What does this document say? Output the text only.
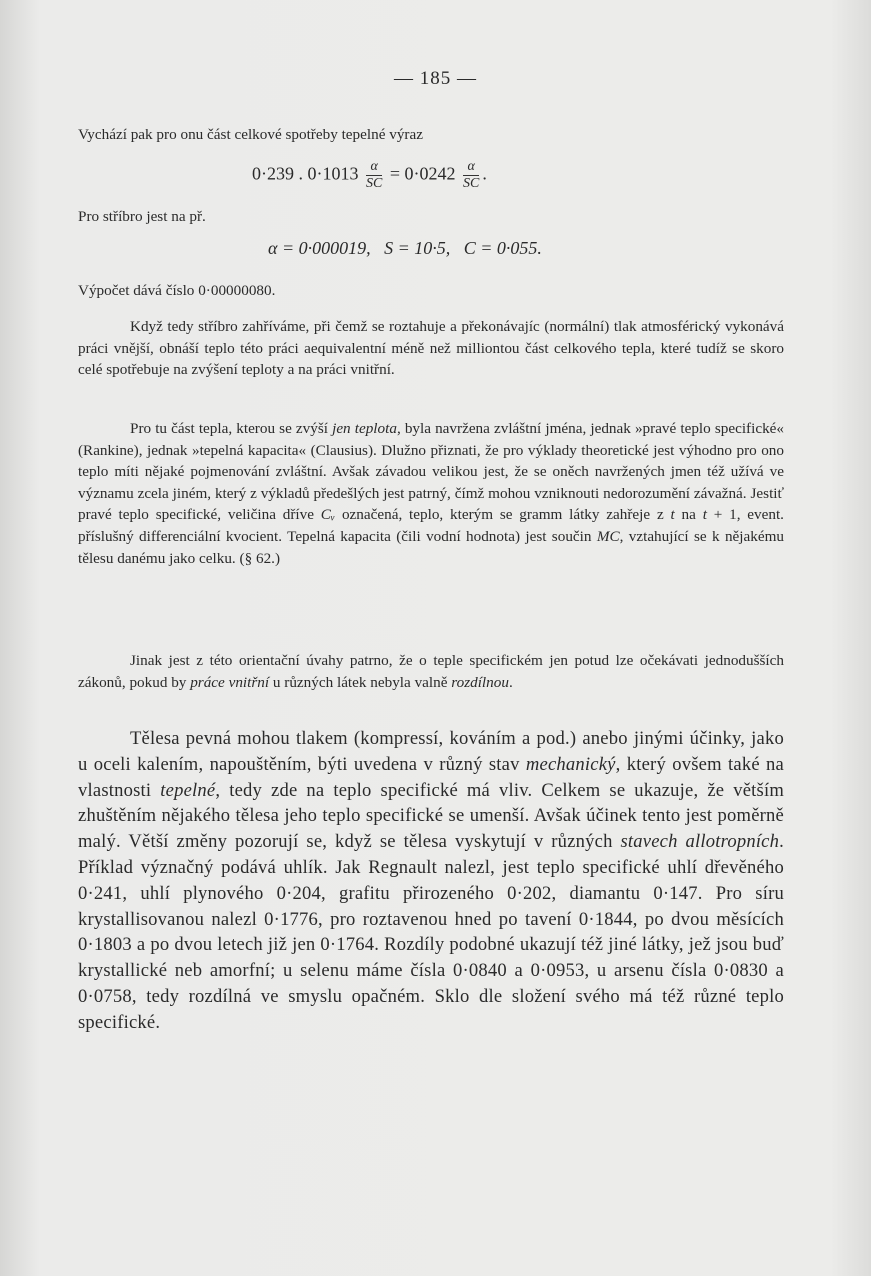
— 185 —

Vychází pak pro onu část celkové spotřeby tepelné výraz

0·239 . $0\cdot 1013 \frac{\alpha}{SC} = 0\cdot 0242 \frac{\alpha}{SC}$ .

Pro stříbro jest na př.

α = 0·000019,   S = 10·5,   C = 0·055.

Výpočet dává číslo 0·00000080.

Když tedy stříbro zahříváme, při čemž se roztahuje a překonávajíc (normální) tlak atmosférický vykonává práci vnější, obnáší teplo této práci aequivalentní méně než milliontou část celkového tepla, které tudíž se skoro celé spotřebuje na zvýšení teploty a na práci vnitřní.

Pro tu část tepla, kterou se zvýší jen teplota, byla navržena zvláštní jména, jednak »pravé teplo specifické« (Rankine), jednak »tepelná kapacita« (Clausius). Dlužno přiznati, že pro výklady theoretické jest výhodno pro ono teplo míti nějaké pojmenování zvláštní. Avšak závadou velikou jest, že se oněch navržených jmen též užívá ve významu zcela jiném, který z výkladů předešlých jest patrný, čímž mohou vzniknouti nedorozumění závažná. Jestiť pravé teplo specifické, veličina dříve Cᵥ označená, teplo, kterým se gramm látky zahřeje z t na t + 1, event. příslušný differenciální kvocient. Tepelná kapacita (čili vodní hodnota) jest součin MC, vztahující se k nějakému tělesu danému jako celku. (§ 62.)

Jinak jest z této orientační úvahy patrno, že o teple specifickém jen potud lze očekávati jednodušších zákonů, pokud by práce vnitřní u různých látek nebyla valně rozdílnou.

Tělesa pevná mohou tlakem (kompressí, kováním a pod.) anebo jinými účinky, jako u oceli kalením, napouštěním, býti uvedena v různý stav mechanický, který ovšem také na vlastnosti tepelné, tedy zde na teplo specifické má vliv. Celkem se ukazuje, že větším zhuštěním nějakého tělesa jeho teplo specifické se umenší. Avšak účinek tento jest poměrně malý. Větší změny pozorují se, když se tělesa vyskytují v různých stavech allotropních. Příklad význačný podává uhlík. Jak Regnault nalezl, jest teplo specifické uhlí dřevěného 0·241, uhlí plynového 0·204, grafitu přirozeného 0·202, diamantu 0·147. Pro síru krystallisovanou nalezl 0·1776, pro roztavenou hned po tavení 0·1844, po dvou měsících 0·1803 a po dvou letech již jen 0·1764. Rozdíly podobné ukazují též jiné látky, jež jsou buď krystallické neb amorfní; u selenu máme čísla 0·0840 a 0·0953, u arsenu čísla 0·0830 a 0·0758, tedy rozdílná ve smyslu opačném. Sklo dle složení svého má též různé teplo specifické.
